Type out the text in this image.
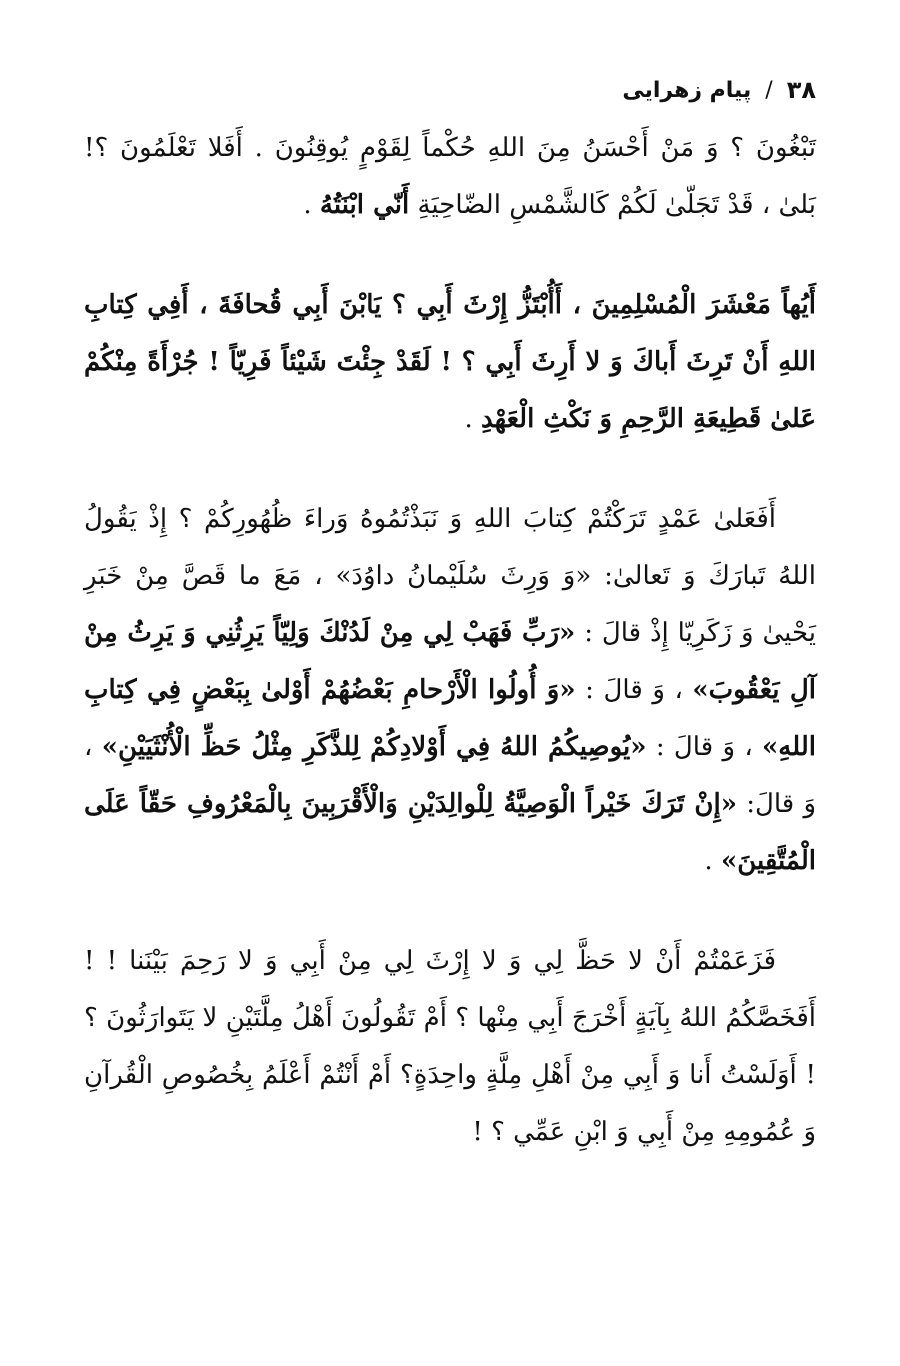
٣٨
/
پيام زهرايى

تَبْغُونَ ؟ وَ مَنْ أَحْسَنُ مِنَ اللهِ حُكْماً لِقَوْمٍ يُوقِنُونَ . أَفَلا تَعْلَمُونَ ؟! بَلىٰ ، قَدْ تَجَلّىٰ لَكُمْ كَالشَّمْسِ الضّاحِيَةِ أَنّي ابْنَتُهُ .

أَيُهاً مَعْشَرَ الْمُسْلِمِينَ ، أَأُبْتَزُّ إِرْثَ أَبِي ؟ يَابْنَ أَبِي قُحافَةَ ، أَفِي كِتابِ اللهِ أَنْ تَرِثَ أَباكَ وَ لا أَرِثَ أَبِي ؟ ! لَقَدْ جِئْتَ شَيْئاً فَرِيّاً ! جُرْأَةً مِنْكُمْ عَلىٰ قَطِيعَةِ الرَّحِمِ وَ نَكْثِ الْعَهْدِ .

أَفَعَلىٰ عَمْدٍ تَرَكْتُمْ كِتابَ اللهِ وَ نَبَذْتُمُوهُ وَراءَ ظُهُورِكُمْ ؟ إِذْ يَقُولُ اللهُ تَبارَكَ وَ تَعالىٰ: «وَ وَرِثَ سُلَيْمانُ داوُدَ» ، مَعَ ما قَصَّ مِنْ خَبَرِ يَحْيىٰ وَ زَكَرِيّا إِذْ قالَ : «رَبِّ فَهَبْ لِي مِنْ لَدُنْكَ وَلِيّاً يَرِثُنِي وَ يَرِثُ مِنْ آلِ يَعْقُوبَ» ، وَ قالَ : «وَ أُولُوا الْأَرْحامِ بَعْضُهُمْ أَوْلىٰ بِبَعْضٍ فِي كِتابِ اللهِ» ، وَ قالَ : «يُوصِيكُمُ اللهُ فِي أَوْلادِكُمْ لِلذَّكَرِ مِثْلُ حَظِّ الْأُنْثَيَيْنِ» ، وَ قالَ: «إِنْ تَرَكَ خَيْراً الْوَصِيَّةُ لِلْوالِدَيْنِ وَالْأَقْرَبِينَ بِالْمَعْرُوفِ حَقّاً عَلَى الْمُتَّقِينَ» .

فَزَعَمْتُمْ أَنْ لا حَظَّ لِي وَ لا إِرْثَ لِي مِنْ أَبِي وَ لا رَحِمَ بَيْنَنا ! ! أَفَخَصَّكُمُ اللهُ بِآيَةٍ أَخْرَجَ أَبِي مِنْها ؟ أَمْ تَقُولُونَ أَهْلُ مِلَّتَيْنِ لا يَتَوارَثُونَ ؟ ! أَوَلَسْتُ أَنا وَ أَبِي مِنْ أَهْلِ مِلَّةٍ واحِدَةٍ؟ أَمْ أَنْتُمْ أَعْلَمُ بِخُصُوصِ الْقُرآنِ وَ عُمُومِهِ مِنْ أَبِي وَ ابْنِ عَمِّي ؟ !
